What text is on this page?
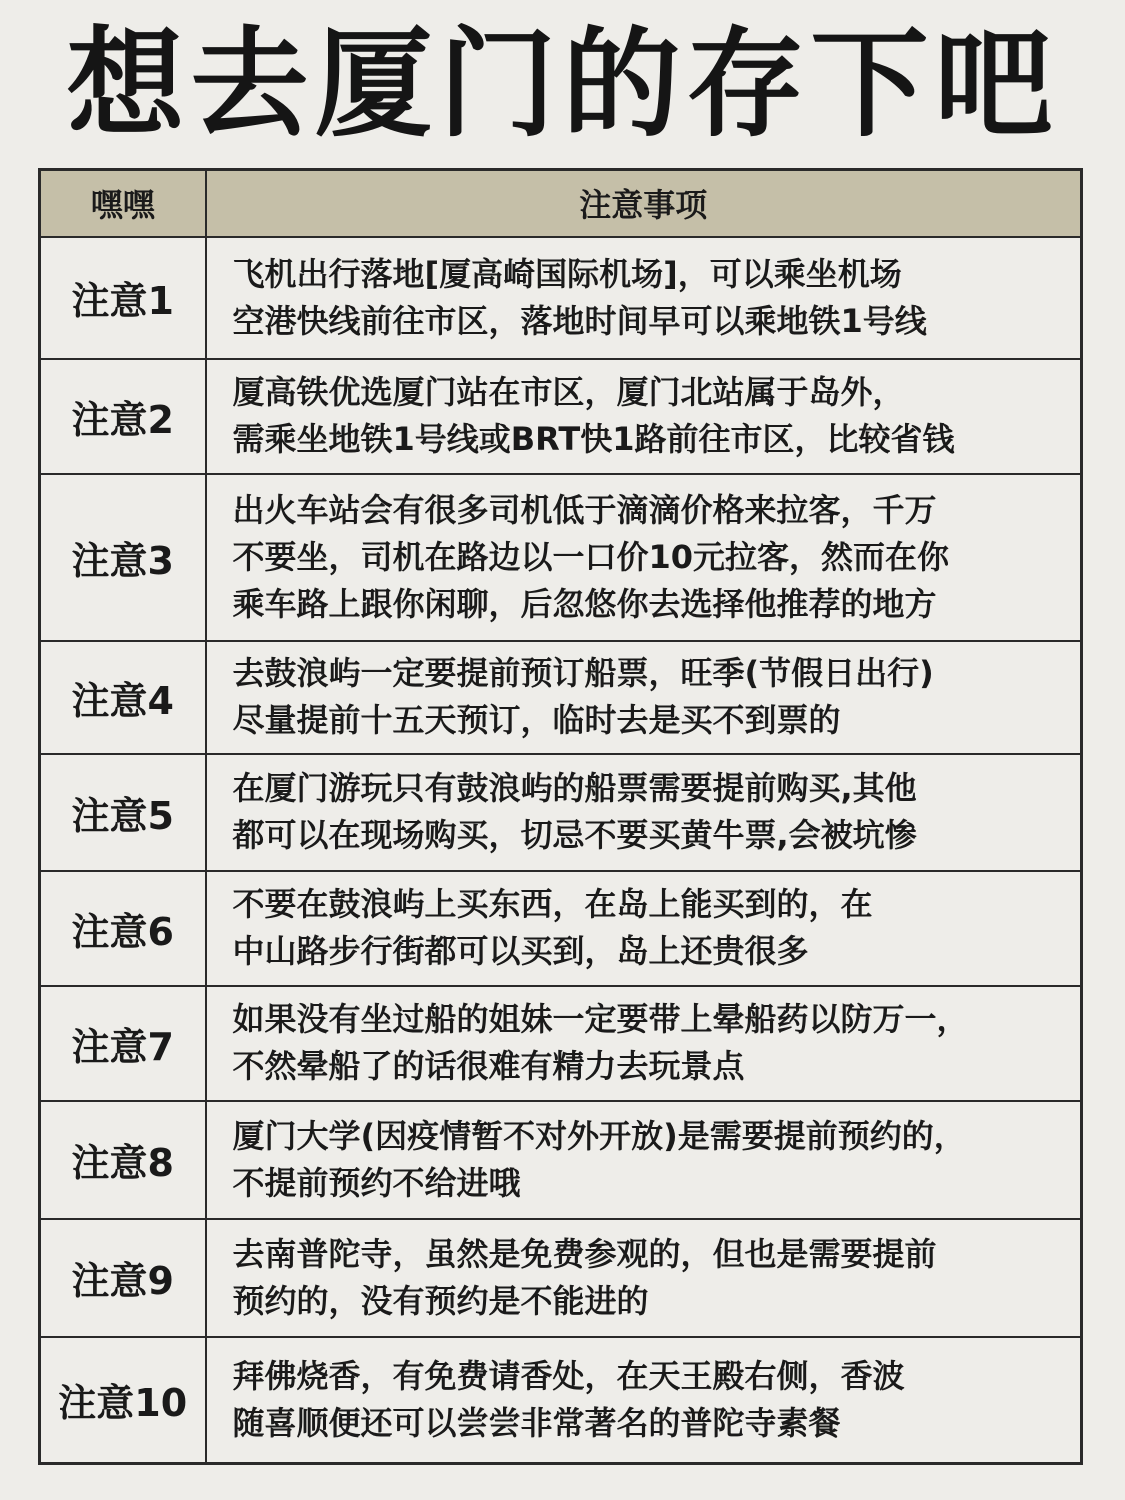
想去厦门的存下吧
嘿嘿	注意事项
注意1	飞机出行落地[厦高崎国际机场]，可以乘坐机场
空港快线前往市区，落地时间早可以乘地铁1号线

注意2	厦高铁优选厦门站在市区，厦门北站属于岛外，
需乘坐地铁1号线或BRT快1路前往市区，比较省钱

注意3	出火车站会有很多司机低于滴滴价格来拉客，千万
不要坐，司机在路边以一口价10元拉客，然而在你
乘车路上跟你闲聊，后忽悠你去选择他推荐的地方

注意4	去鼓浪屿一定要提前预订船票，旺季(节假日出行)
尽量提前十五天预订，临时去是买不到票的

注意5	在厦门游玩只有鼓浪屿的船票需要提前购买,其他
都可以在现场购买，切忌不要买黄牛票,会被坑惨

注意6	不要在鼓浪屿上买东西，在岛上能买到的，在
中山路步行街都可以买到，岛上还贵很多

注意7	如果没有坐过船的姐妹一定要带上晕船药以防万一，
不然晕船了的话很难有精力去玩景点

注意8	厦门大学(因疫情暂不对外开放)是需要提前预约的，
不提前预约不给进哦

注意9	去南普陀寺，虽然是免费参观的，但也是需要提前
预约的，没有预约是不能进的

注意10	拜佛烧香，有免费请香处，在天王殿右侧，香波
随喜顺便还可以尝尝非常著名的普陀寺素餐
